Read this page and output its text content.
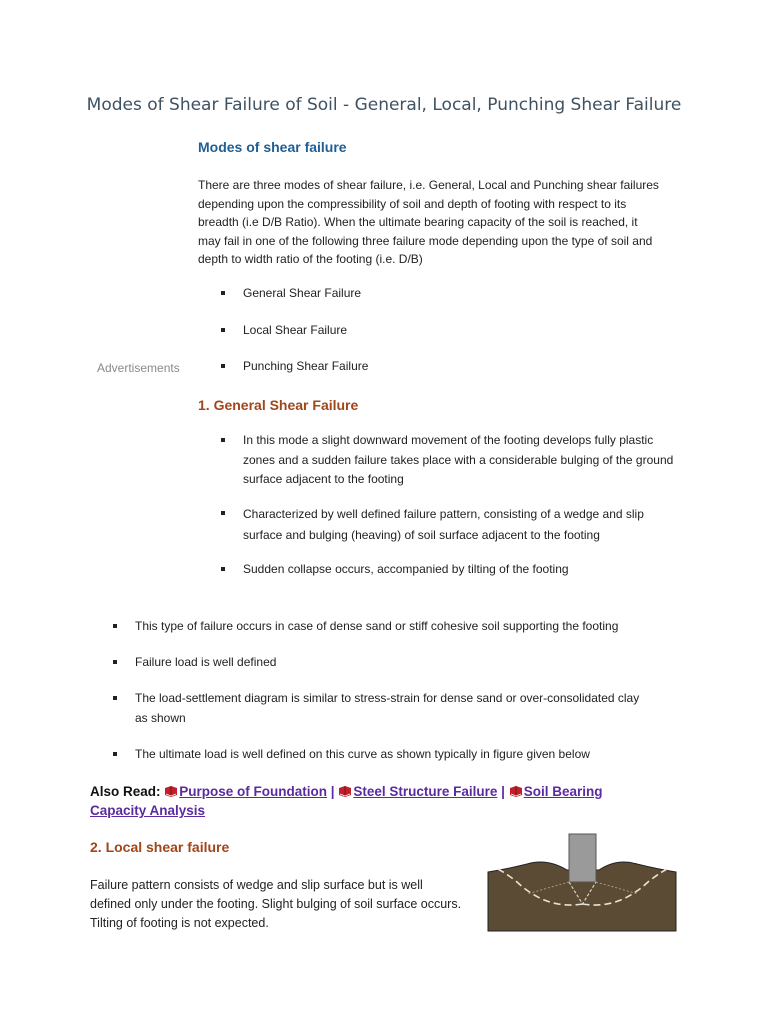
Modes of Shear Failure of Soil - General, Local, Punching Shear Failure
Modes of shear failure
There are three modes of shear failure, i.e. General, Local and Punching shear failures depending upon the compressibility of soil and depth of footing with respect to its breadth (i.e D/B Ratio). When the ultimate bearing capacity of the soil is reached, it may fail in one of the following three failure mode depending upon the type of soil and depth to width ratio of the footing (i.e. D/B)
General Shear Failure
Local Shear Failure
Advertisements	Punching Shear Failure
1. General Shear Failure
In this mode a slight downward movement of the footing develops fully plastic zones and a sudden failure takes place with a considerable bulging of the ground surface adjacent to the footing
Characterized by well defined failure pattern, consisting of a wedge and slip surface and bulging (heaving) of soil surface adjacent to the footing
Sudden collapse occurs, accompanied by tilting of the footing
This type of failure occurs in case of dense sand or stiff cohesive soil supporting the footing
Failure load is well defined
The load-settlement diagram is similar to stress-strain for dense sand or over-consolidated clay as shown
The ultimate load is well defined on this curve as shown typically in figure given below
Also Read: Purpose of Foundation | Steel Structure Failure | Soil Bearing Capacity Analysis
2. Local shear failure
Failure pattern consists of wedge and slip surface but is well defined only under the footing. Slight bulging of soil surface occurs. Tilting of footing is not expected.
